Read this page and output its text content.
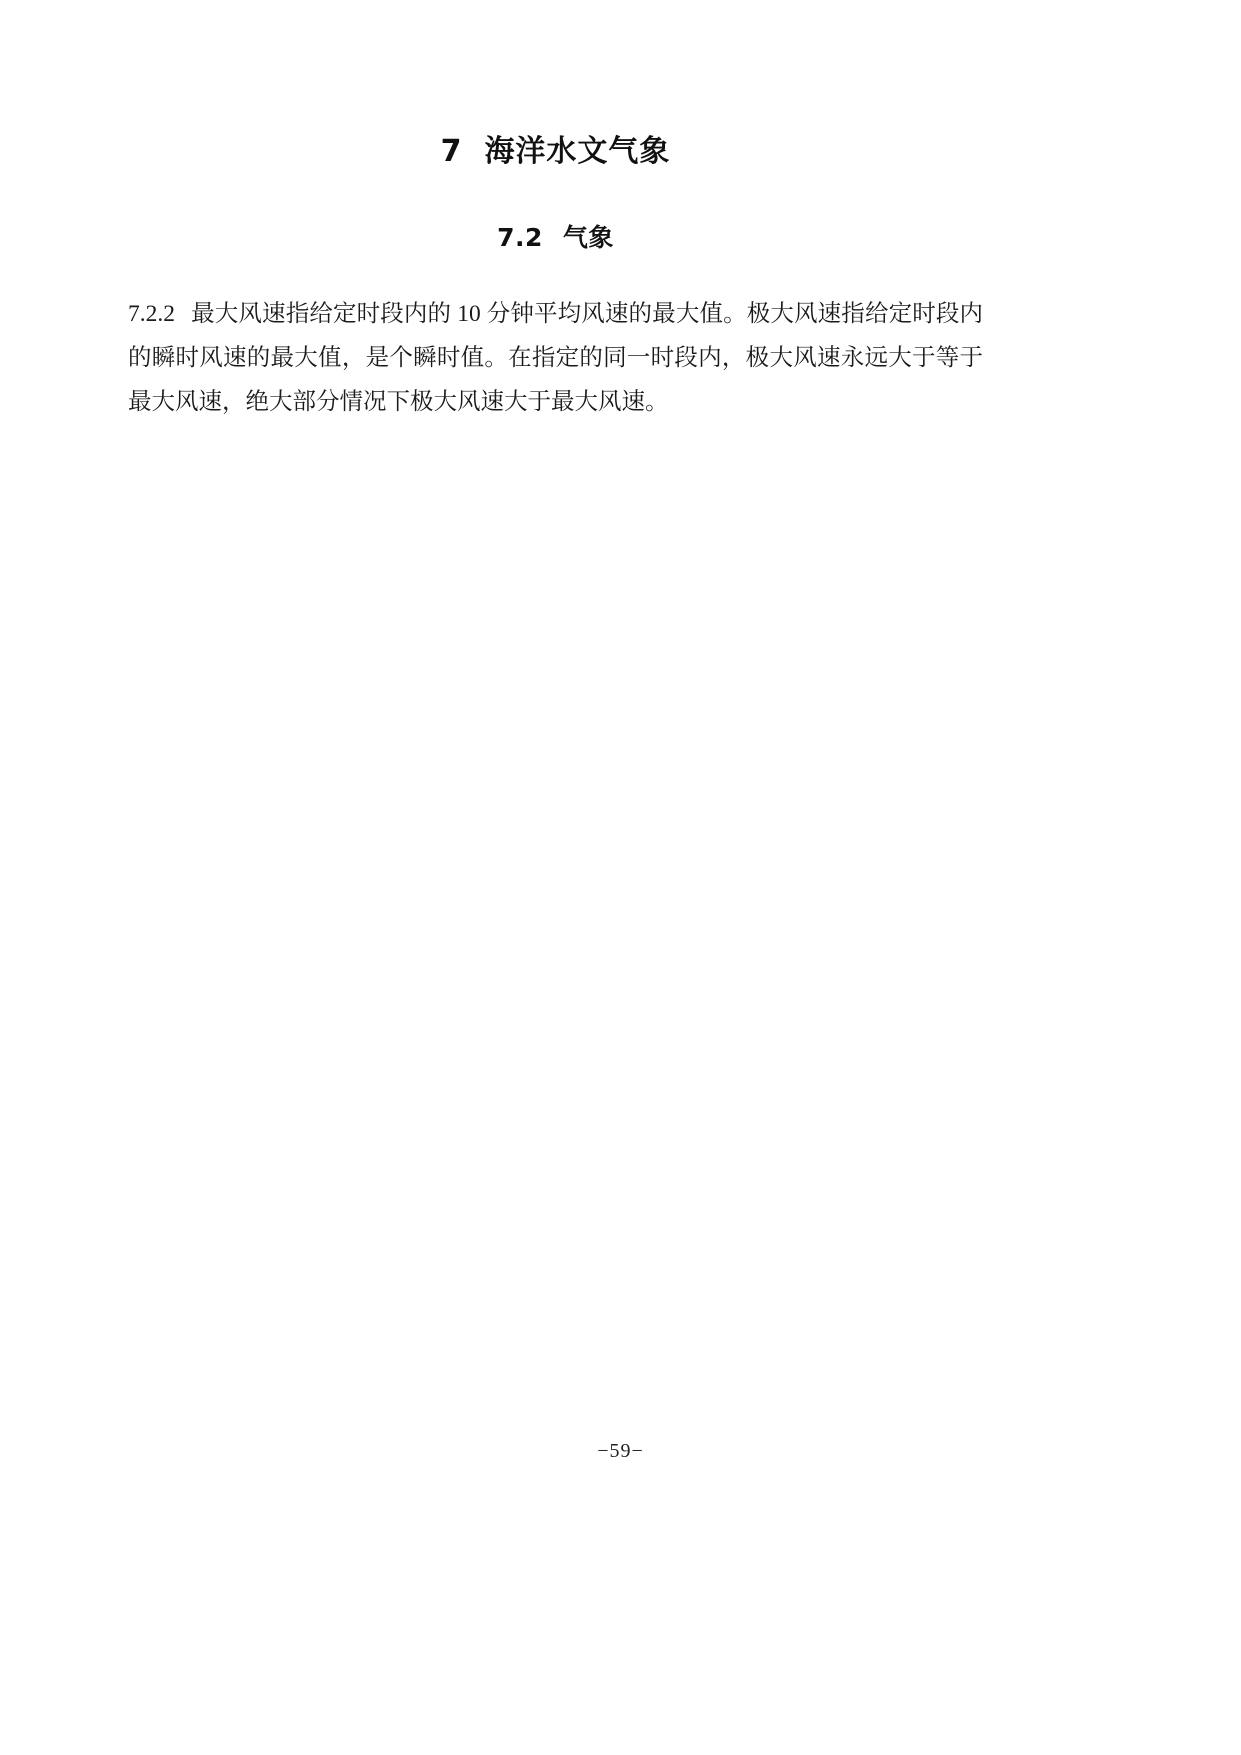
7 海洋水文气象
7.2 气象

7.2.2 最大风速指给定时段内的 10 分钟平均风速的最大值。极大风速指给定时段内的瞬时风速的最大值，是个瞬时值。在指定的同一时段内，极大风速永远大于等于最大风速，绝大部分情况下极大风速大于最大风速。

−59−
